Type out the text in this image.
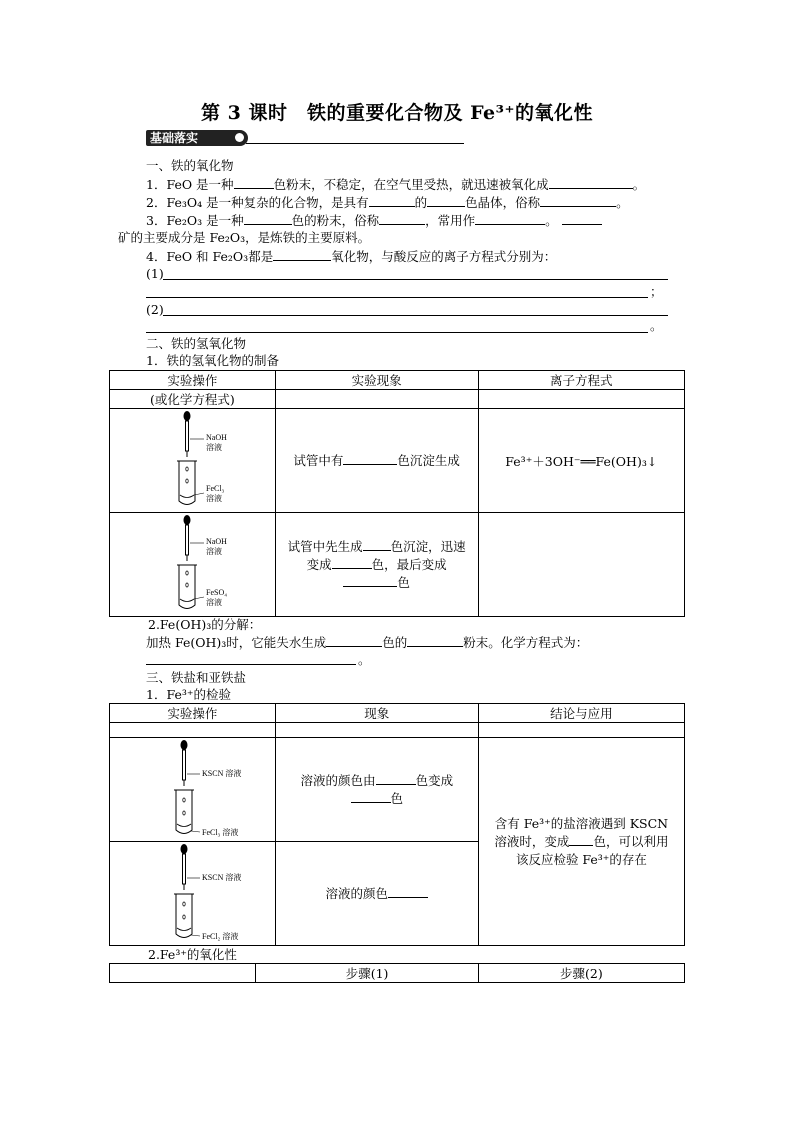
第 3 课时　铁的重要化合物及 Fe³⁺的氧化性
基础落实
一、铁的氧化物
1．FeO 是一种	色粉末，不稳定，在空气里受热，就迅速被氧化成	。
2．Fe₃O₄ 是一种复杂的化合物，是具有	的	色晶体，俗称	。
3．Fe₂O₃ 是一种	色的粉末，俗称	，常用作	。
矿的主要成分是 Fe₂O₃，是炼铁的主要原料。
4．FeO 和 Fe₂O₃都是	氧化物，与酸反应的离子方程式分别为：
(1)
；
(2)
。
二、铁的氢氧化物
1．铁的氢氧化物的制备
实验操作	实验现象	离子方程式
(或化学方程式)		

NaOH
溶液
FeCl₃
溶液	试管中有 色沉淀生成	Fe³⁺＋3OH⁻══Fe(OH)₃↓

NaOH
溶液
FeSO₄
溶液	试管中先生成 色沉淀，迅速
变成 色，最后变成
色	
2.Fe(OH)₃的分解：
加热 Fe(OH)₃时，它能失水生成	色的	粉末。化学方程式为：
。
三、铁盐和亚铁盐
1．Fe³⁺的检验
实验操作	现象	结论与应用

KSCN 溶液
FeCl₃ 溶液	溶液的颜色由 色变成
色	含有 Fe³⁺的盐溶液遇到 KSCN
溶液时，变成 色，可以利用
该反应检验 Fe³⁺的存在

KSCN 溶液
FeCl₂ 溶液	溶液的颜色	
2.Fe³⁺的氧化性
	步骤(1)	步骤(2)
